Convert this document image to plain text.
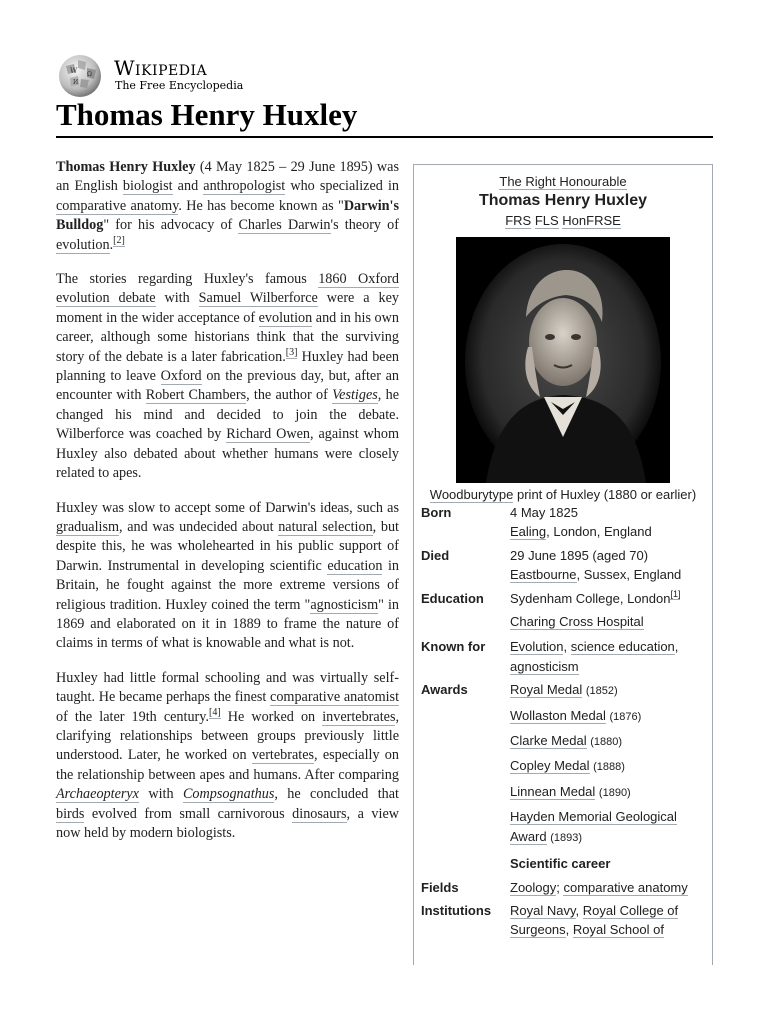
W Ω
И
Wikipedia
The Free Encyclopedia
Thomas Henry Huxley

Thomas Henry Huxley (4 May 1825 – 29 June 1895) was an English biologist and anthropologist who specialized in comparative anatomy. He has become known as "Darwin's Bulldog" for his advocacy of Charles Darwin's theory of evolution.[2]

The stories regarding Huxley's famous 1860 Oxford evolution debate with Samuel Wilberforce were a key moment in the wider acceptance of evolution and in his own career, although some historians think that the surviving story of the debate is a later fabrication.[3] Huxley had been planning to leave Oxford on the previous day, but, after an encounter with Robert Chambers, the author of Vestiges, he changed his mind and decided to join the debate. Wilberforce was coached by Richard Owen, against whom Huxley also debated about whether humans were closely related to apes.

Huxley was slow to accept some of Darwin's ideas, such as gradualism, and was undecided about natural selection, but despite this, he was wholehearted in his public support of Darwin. Instrumental in developing scientific education in Britain, he fought against the more extreme versions of religious tradition. Huxley coined the term "agnosticism" in 1869 and elaborated on it in 1889 to frame the nature of claims in terms of what is knowable and what is not.

Huxley had little formal schooling and was virtually self-taught. He became perhaps the finest comparative anatomist of the later 19th century.[4] He worked on invertebrates, clarifying relationships between groups previously little understood. Later, he worked on vertebrates, especially on the relationship between apes and humans. After comparing Archaeopteryx with Compsognathus, he concluded that birds evolved from small carnivorous dinosaurs, a view now held by modern biologists.

The Right Honourable
Thomas Henry Huxley
FRS FLS HonFRSE
Woodburytype print of Huxley (1880 or earlier)
Born	4 May 1825
Ealing, London, England
Died	29 June 1895 (aged 70)
Eastbourne, Sussex, England
Education	Sydenham College, London[1]
Charing Cross Hospital
Known for	Evolution, science education,
agnosticism
Awards	Royal Medal (1852)
Wollaston Medal (1876)
Clarke Medal (1880)
Copley Medal (1888)
Linnean Medal (1890)
Hayden Memorial Geological Award (1893)
Scientific career
Fields	Zoology; comparative anatomy
Institutions	Royal Navy, Royal College of Surgeons, Royal School of
